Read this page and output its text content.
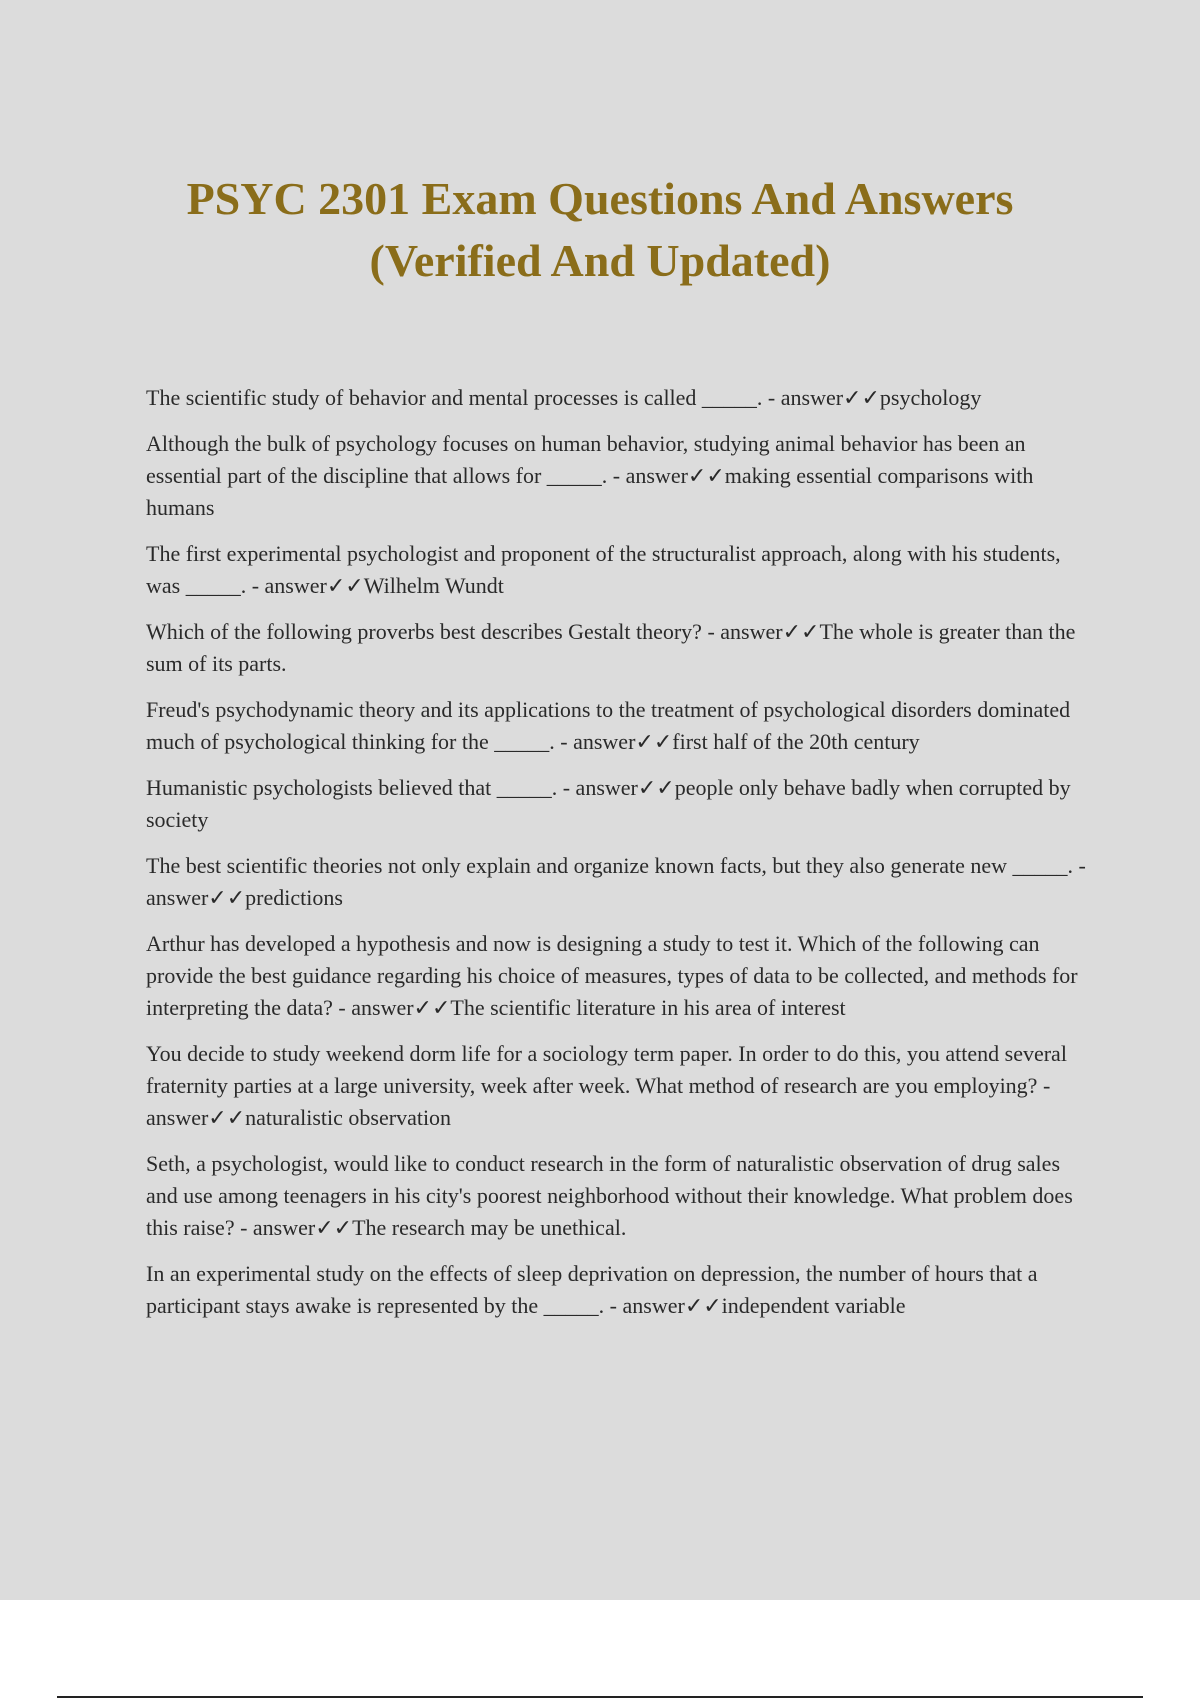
PSYC 2301 Exam Questions And Answers
(Verified And Updated)

The scientific study of behavior and mental processes is called _____. - answer✓✓psychology

Although the bulk of psychology focuses on human behavior, studying animal behavior has been an essential part of the discipline that allows for _____. - answer✓✓making essential comparisons with humans

The first experimental psychologist and proponent of the structuralist approach, along with his students, was _____. - answer✓✓Wilhelm Wundt

Which of the following proverbs best describes Gestalt theory? - answer✓✓The whole is greater than the sum of its parts.

Freud's psychodynamic theory and its applications to the treatment of psychological disorders dominated much of psychological thinking for the _____. - answer✓✓first half of the 20th century

Humanistic psychologists believed that _____. - answer✓✓people only behave badly when corrupted by society

The best scientific theories not only explain and organize known facts, but they also generate new _____. - answer✓✓predictions

Arthur has developed a hypothesis and now is designing a study to test it. Which of the following can provide the best guidance regarding his choice of measures, types of data to be collected, and methods for interpreting the data? - answer✓✓The scientific literature in his area of interest

You decide to study weekend dorm life for a sociology term paper. In order to do this, you attend several fraternity parties at a large university, week after week. What method of research are you employing? - answer✓✓naturalistic observation

Seth, a psychologist, would like to conduct research in the form of naturalistic observation of drug sales and use among teenagers in his city's poorest neighborhood without their knowledge. What problem does this raise? - answer✓✓The research may be unethical.

In an experimental study on the effects of sleep deprivation on depression, the number of hours that a participant stays awake is represented by the _____. - answer✓✓independent variable
